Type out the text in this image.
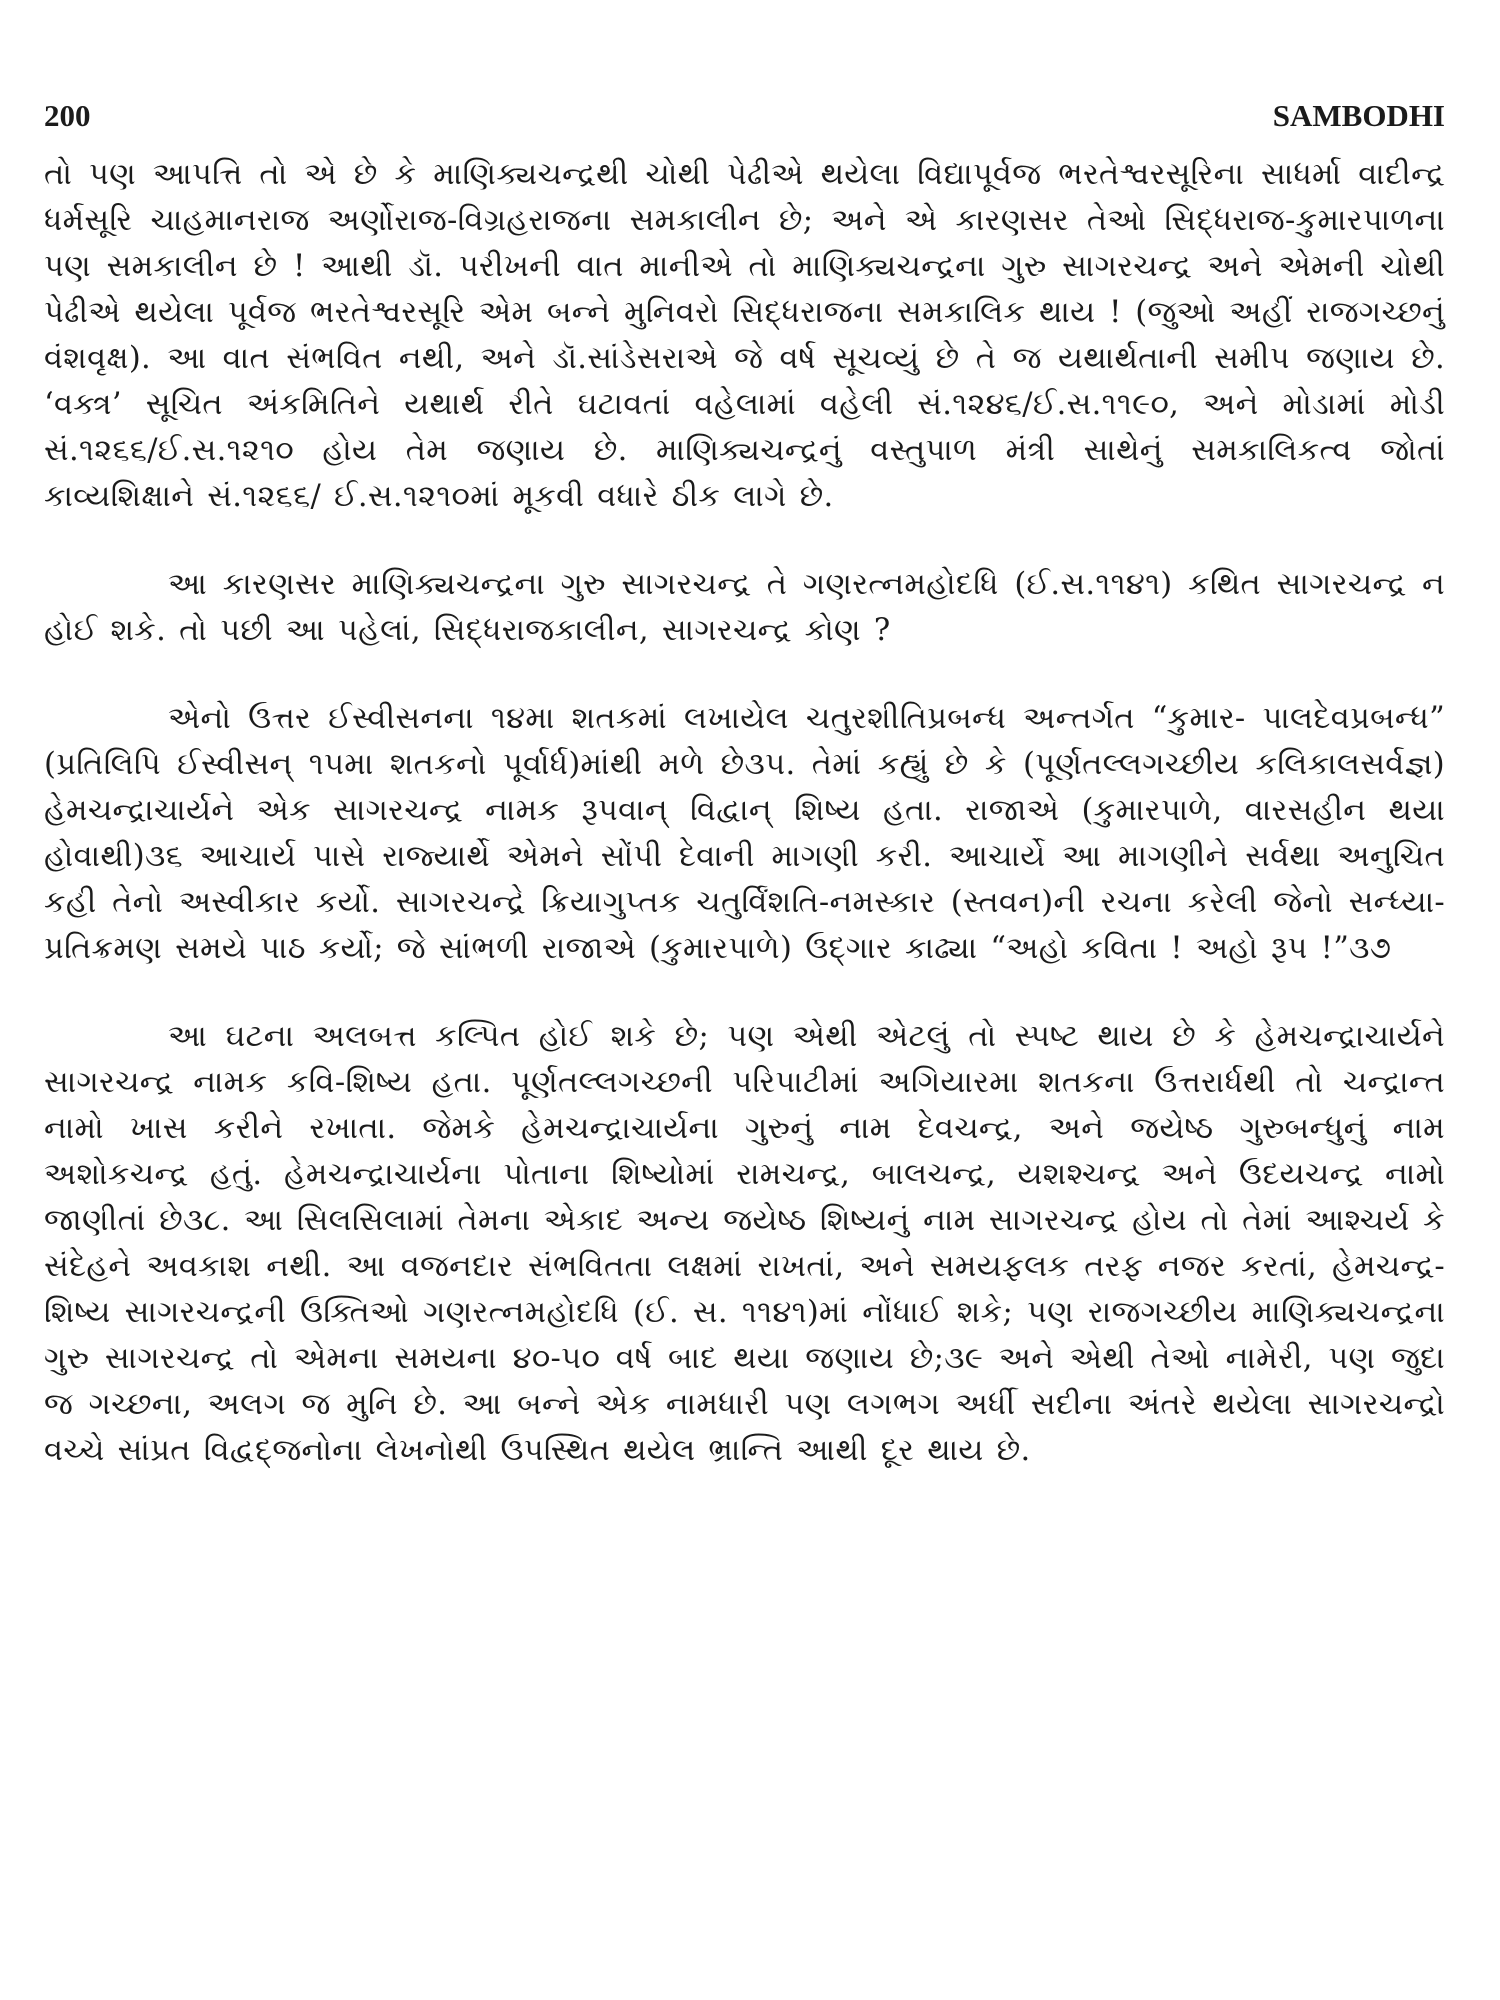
200	SAMBODHI

તો પણ આપત્તિ તો એ છે કે માણિક્યચન્દ્રથી ચોથી પેઢીએ થયેલા વિદ્યાપૂર્વજ ભરતેશ્વરસૂરિના સાધર્મા વાદીન્દ્ર ધર્મસૂરિ ચાહમાનરાજ અર્ણોરાજ-વિગ્રહરાજના સમકાલીન છે; અને એ કારણસર તેઓ સિદ્ધરાજ-કુમારપાળના પણ સમકાલીન છે ! આથી ડૉ. પરીખની વાત માનીએ તો માણિક્યચન્દ્રના ગુરુ સાગરચન્દ્ર અને એમની ચોથી પેઢીએ થયેલા પૂર્વજ ભરતેશ્વરસૂરિ એમ બન્ને મુનિવરો સિદ્ધરાજના સમકાલિક થાય ! (જુઓ અહીં રાજગચ્છનું વંશવૃક્ષ). આ વાત સંભવિત નથી, અને ડૉ.સાંડેસરાએ જે વર્ષ સૂચવ્યું છે તે જ યથાર્થતાની સમીપ જણાય છે. ‘વક્ત્ર’ સૂચિત અંકમિતિને યથાર્થ રીતે ઘટાવતાં વહેલામાં વહેલી સં.૧૨૪૬/ઈ.સ.૧૧૯૦, અને મોડામાં મોડી સં.૧૨૬૬/ઈ.સ.૧૨૧૦ હોય તેમ જણાય છે. માણિક્યચન્દ્રનું વસ્તુપાળ મંત્રી સાથેનું સમકાલિકત્વ જોતાં કાવ્યશિક્ષાને સં.૧૨૬૬/ ઈ.સ.૧૨૧૦માં મૂકવી વધારે ઠીક લાગે છે.

આ કારણસર માણિક્યચન્દ્રના ગુરુ સાગરચન્દ્ર તે ગણરત્નમહોદધિ (ઈ.સ.૧૧૪૧) કથિત સાગરચન્દ્ર ન હોઈ શકે. તો પછી આ પહેલાં, સિદ્ધરાજકાલીન, સાગરચન્દ્ર કોણ ?

એનો ઉત્તર ઈસ્વીસનના ૧૪મા શતકમાં લખાયેલ ચતુરશીતિપ્રબન્ધ અન્તર્ગત “કુમાર- પાલદેવપ્રબન્ધ” (પ્રતિલિપિ ઈસ્વીસન્ ૧૫મા શતકનો પૂર્વાર્ધ)માંથી મળે છે૩૫. તેમાં કહ્યું છે કે (પૂર્ણતલ્લગચ્છીય કલિકાલસર્વજ્ઞ) હેમચન્દ્રાચાર્યને એક સાગરચન્દ્ર નામક રૂપવાન્ વિદ્વાન્ શિષ્ય હતા. રાજાએ (કુમારપાળે, વારસહીન થયા હોવાથી)૩૬ આચાર્ય પાસે રાજ્યાર્થે એમને સોંપી દેવાની માગણી કરી. આચાર્યે આ માગણીને સર્વથા અનુચિત કહી તેનો અસ્વીકાર કર્યો. સાગરચન્દ્રે ક્રિયાગુપ્તક ચતુર્વિંશતિ-નમસ્કાર (સ્તવન)ની રચના કરેલી જેનો સન્ધ્યા-પ્રતિક્રમણ સમયે પાઠ કર્યો; જે સાંભળી રાજાએ (કુમારપાળે) ઉદ્ગાર કાઢ્યા “અહો કવિતા ! અહો રૂપ !”૩૭

આ ઘટના અલબત્ત કલ્પિત હોઈ શકે છે; પણ એથી એટલું તો સ્પષ્ટ થાય છે કે હેમચન્દ્રાચાર્યને સાગરચન્દ્ર નામક કવિ-શિષ્ય હતા. પૂર્ણતલ્લગચ્છની પરિપાટીમાં અગિયારમા શતકના ઉત્તરાર્ધથી તો ચન્દ્રાન્ત નામો ખાસ કરીને રખાતા. જેમકે હેમચન્દ્રાચાર્યના ગુરુનું નામ દેવચન્દ્ર, અને જયેષ્ઠ ગુરુબન્ધુનું નામ અશોકચન્દ્ર હતું. હેમચન્દ્રાચાર્યના પોતાના શિષ્યોમાં રામચન્દ્ર, બાલચન્દ્ર, યશશ્ચન્દ્ર અને ઉદયચન્દ્ર નામો જાણીતાં છે૩૮. આ સિલસિલામાં તેમના એકાદ અન્ય જયેષ્ઠ શિષ્યનું નામ સાગરચન્દ્ર હોય તો તેમાં આશ્ચર્ય કે સંદેહને અવકાશ નથી. આ વજનદાર સંભવિતતા લક્ષમાં રાખતાં, અને સમયફલક તરફ નજર કરતાં, હેમચન્દ્ર-શિષ્ય સાગરચન્દ્રની ઉક્તિઓ ગણરત્નમહોદધિ (ઈ. સ. ૧૧૪૧)માં નોંધાઈ શકે; પણ રાજગચ્છીય માણિક્યચન્દ્રના ગુરુ સાગરચન્દ્ર તો એમના સમયના ૪૦-૫૦ વર્ષ બાદ થયા જણાય છે;૩૯ અને એથી તેઓ નામેરી, પણ જુદા જ ગચ્છના, અલગ જ મુનિ છે. આ બન્ને એક નામધારી પણ લગભગ અર્ધી સદીના અંતરે થયેલા સાગરચન્દ્રો વચ્ચે સાંપ્રત વિદ્વદ્જનોના લેખનોથી ઉપસ્થિત થયેલ ભ્રાન્તિ આથી દૂર થાય છે.
